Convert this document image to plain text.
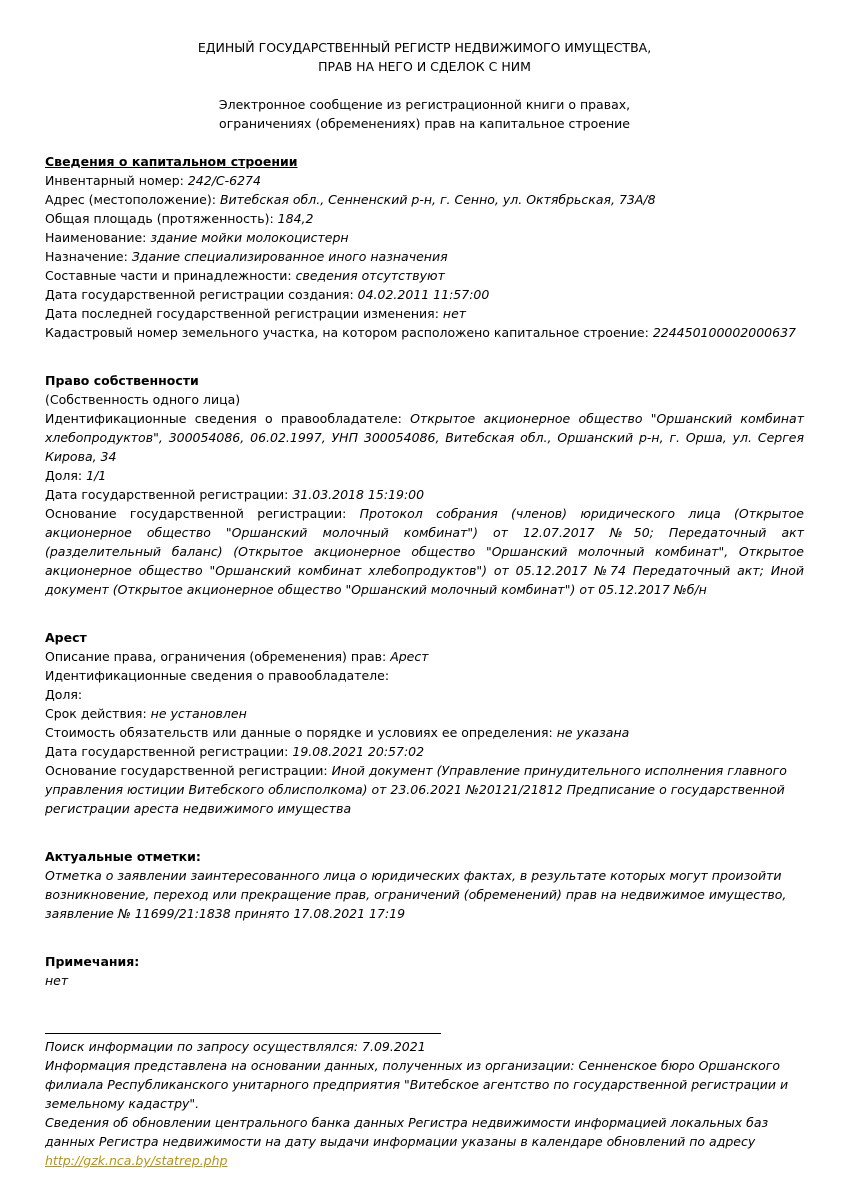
ЕДИНЫЙ ГОСУДАРСТВЕННЫЙ РЕГИСТР НЕДВИЖИМОГО ИМУЩЕСТВА,
ПРАВ НА НЕГО И СДЕЛОК С НИМ
Электронное сообщение из регистрационной книги о правах,
ограничениях (обременениях) прав на капитальное строение
Сведения о капитальном строении

Инвентарный номер: 242/С-6274

Адрес (местоположение): Витебская обл., Сенненский р-н, г. Сенно, ул. Октябрьская, 73А/8

Общая площадь (протяженность): 184,2

Наименование: здание мойки молокоцистерн

Назначение: Здание специализированное иного назначения

Составные части и принадлежности: сведения отсутствуют

Дата государственной регистрации создания: 04.02.2011 11:57:00

Дата последней государственной регистрации изменения: нет

Кадастровый номер земельного участка, на котором расположено капитальное строение: 224450100002000637

Право собственности

(Собственность одного лица)

Идентификационные сведения о правообладателе: Открытое акционерное общество "Оршанский комбинат хлебопродуктов", 300054086, 06.02.1997, УНП 300054086, Витебская обл., Оршанский р-н, г. Орша, ул. Сергея Кирова, 34

Доля: 1/1

Дата государственной регистрации: 31.03.2018 15:19:00

Основание государственной регистрации: Протокол собрания (членов) юридического лица (Открытое акционерное общество "Оршанский молочный комбинат") от 12.07.2017 №50; Передаточный акт (разделительный баланс) (Открытое акционерное общество "Оршанский молочный комбинат", Открытое акционерное общество "Оршанский комбинат хлебопродуктов") от 05.12.2017 №74 Передаточный акт; Иной документ (Открытое акционерное общество "Оршанский молочный комбинат") от 05.12.2017 №б/н

Арест

Описание права, ограничения (обременения) прав: Арест

Идентификационные сведения о правообладателе:

Доля:

Срок действия: не установлен

Стоимость обязательств или данные о порядке и условиях ее определения: не указана

Дата государственной регистрации: 19.08.2021 20:57:02

Основание государственной регистрации: Иной документ (Управление принудительного исполнения главного управления юстиции Витебского облисполкома) от 23.06.2021 №20121/21812 Предписание о государственной регистрации ареста недвижимого имущества

Актуальные отметки:

Отметка о заявлении заинтересованного лица о юридических фактах, в результате которых могут произойти возникновение, переход или прекращение прав, ограничений (обременений) прав на недвижимое имущество, заявление № 11699/21:1838 принято 17.08.2021 17:19

Примечания:

нет

Поиск информации по запросу осуществлялся: 7.09.2021

Информация представлена на основании данных, полученных из организации: Сенненское бюро Оршанского филиала Республиканского унитарного предприятия "Витебское агентство по государственной регистрации и земельному кадастру".

Сведения об обновлении центрального банка данных Регистра недвижимости информацией локальных баз данных Регистра недвижимости на дату выдачи информации указаны в календаре обновлений по адресу

http://gzk.nca.by/statrep.php
